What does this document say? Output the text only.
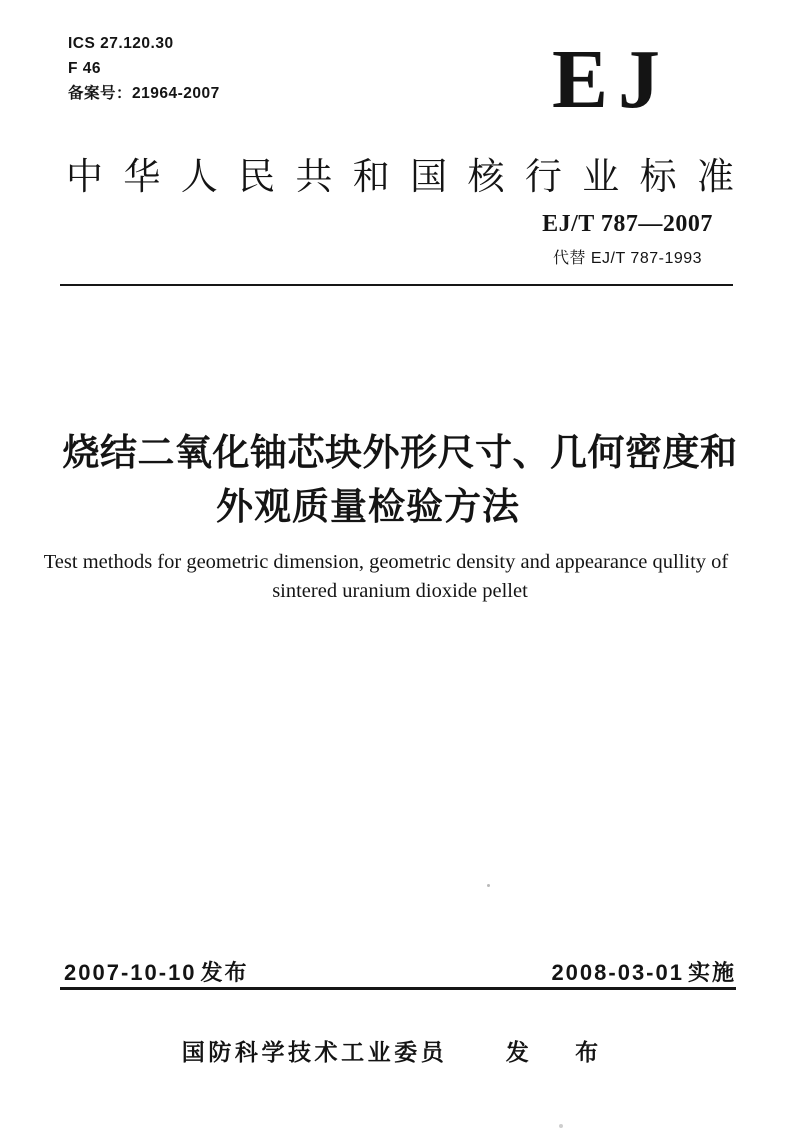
ICS 27.120.30
F 46
备案号：21964-2007	EJ
中 华 人 民 共 和 国 核 行 业 标 准
EJ/T 787—2007
代替 EJ/T 787-1993
烧结二氧化铀芯块外形尺寸、几何密度和
外观质量检验方法
Test methods for geometric dimension, geometric density and appearance qullity of
sintered uranium dioxide pellet
2007-10-10 发布	2008-03-01 实施
国 防 科 学 技 术 工 业 委 员	发 布
